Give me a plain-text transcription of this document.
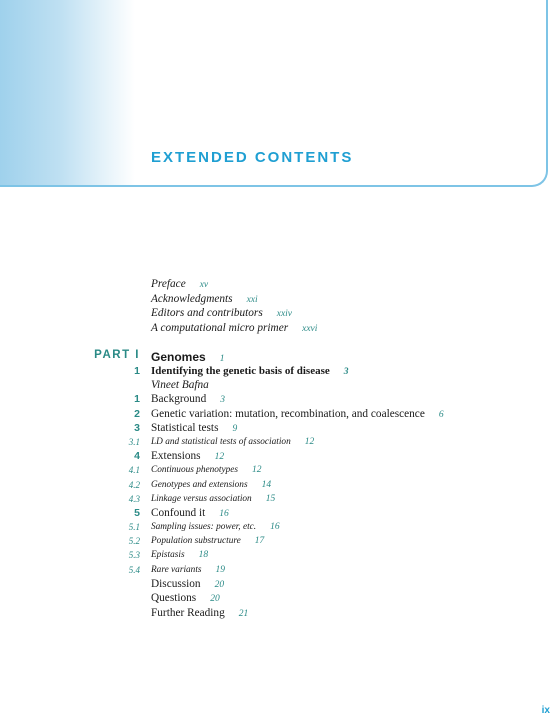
EXTENDED CONTENTS
Preface xv
Acknowledgments xxi
Editors and contributors xxiv
A computational micro primer xxvi
PART I Genomes 1
1 Identifying the genetic basis of disease 3
Vineet Bafna
1 Background 3
2 Genetic variation: mutation, recombination, and coalescence 6
3 Statistical tests 9
3.1 LD and statistical tests of association 12
4 Extensions 12
4.1 Continuous phenotypes 12
4.2 Genotypes and extensions 14
4.3 Linkage versus association 15
5 Confound it 16
5.1 Sampling issues: power, etc. 16
5.2 Population substructure 17
5.3 Epistasis 18
5.4 Rare variants 19
Discussion 20
Questions 20
Further Reading 21
ix
